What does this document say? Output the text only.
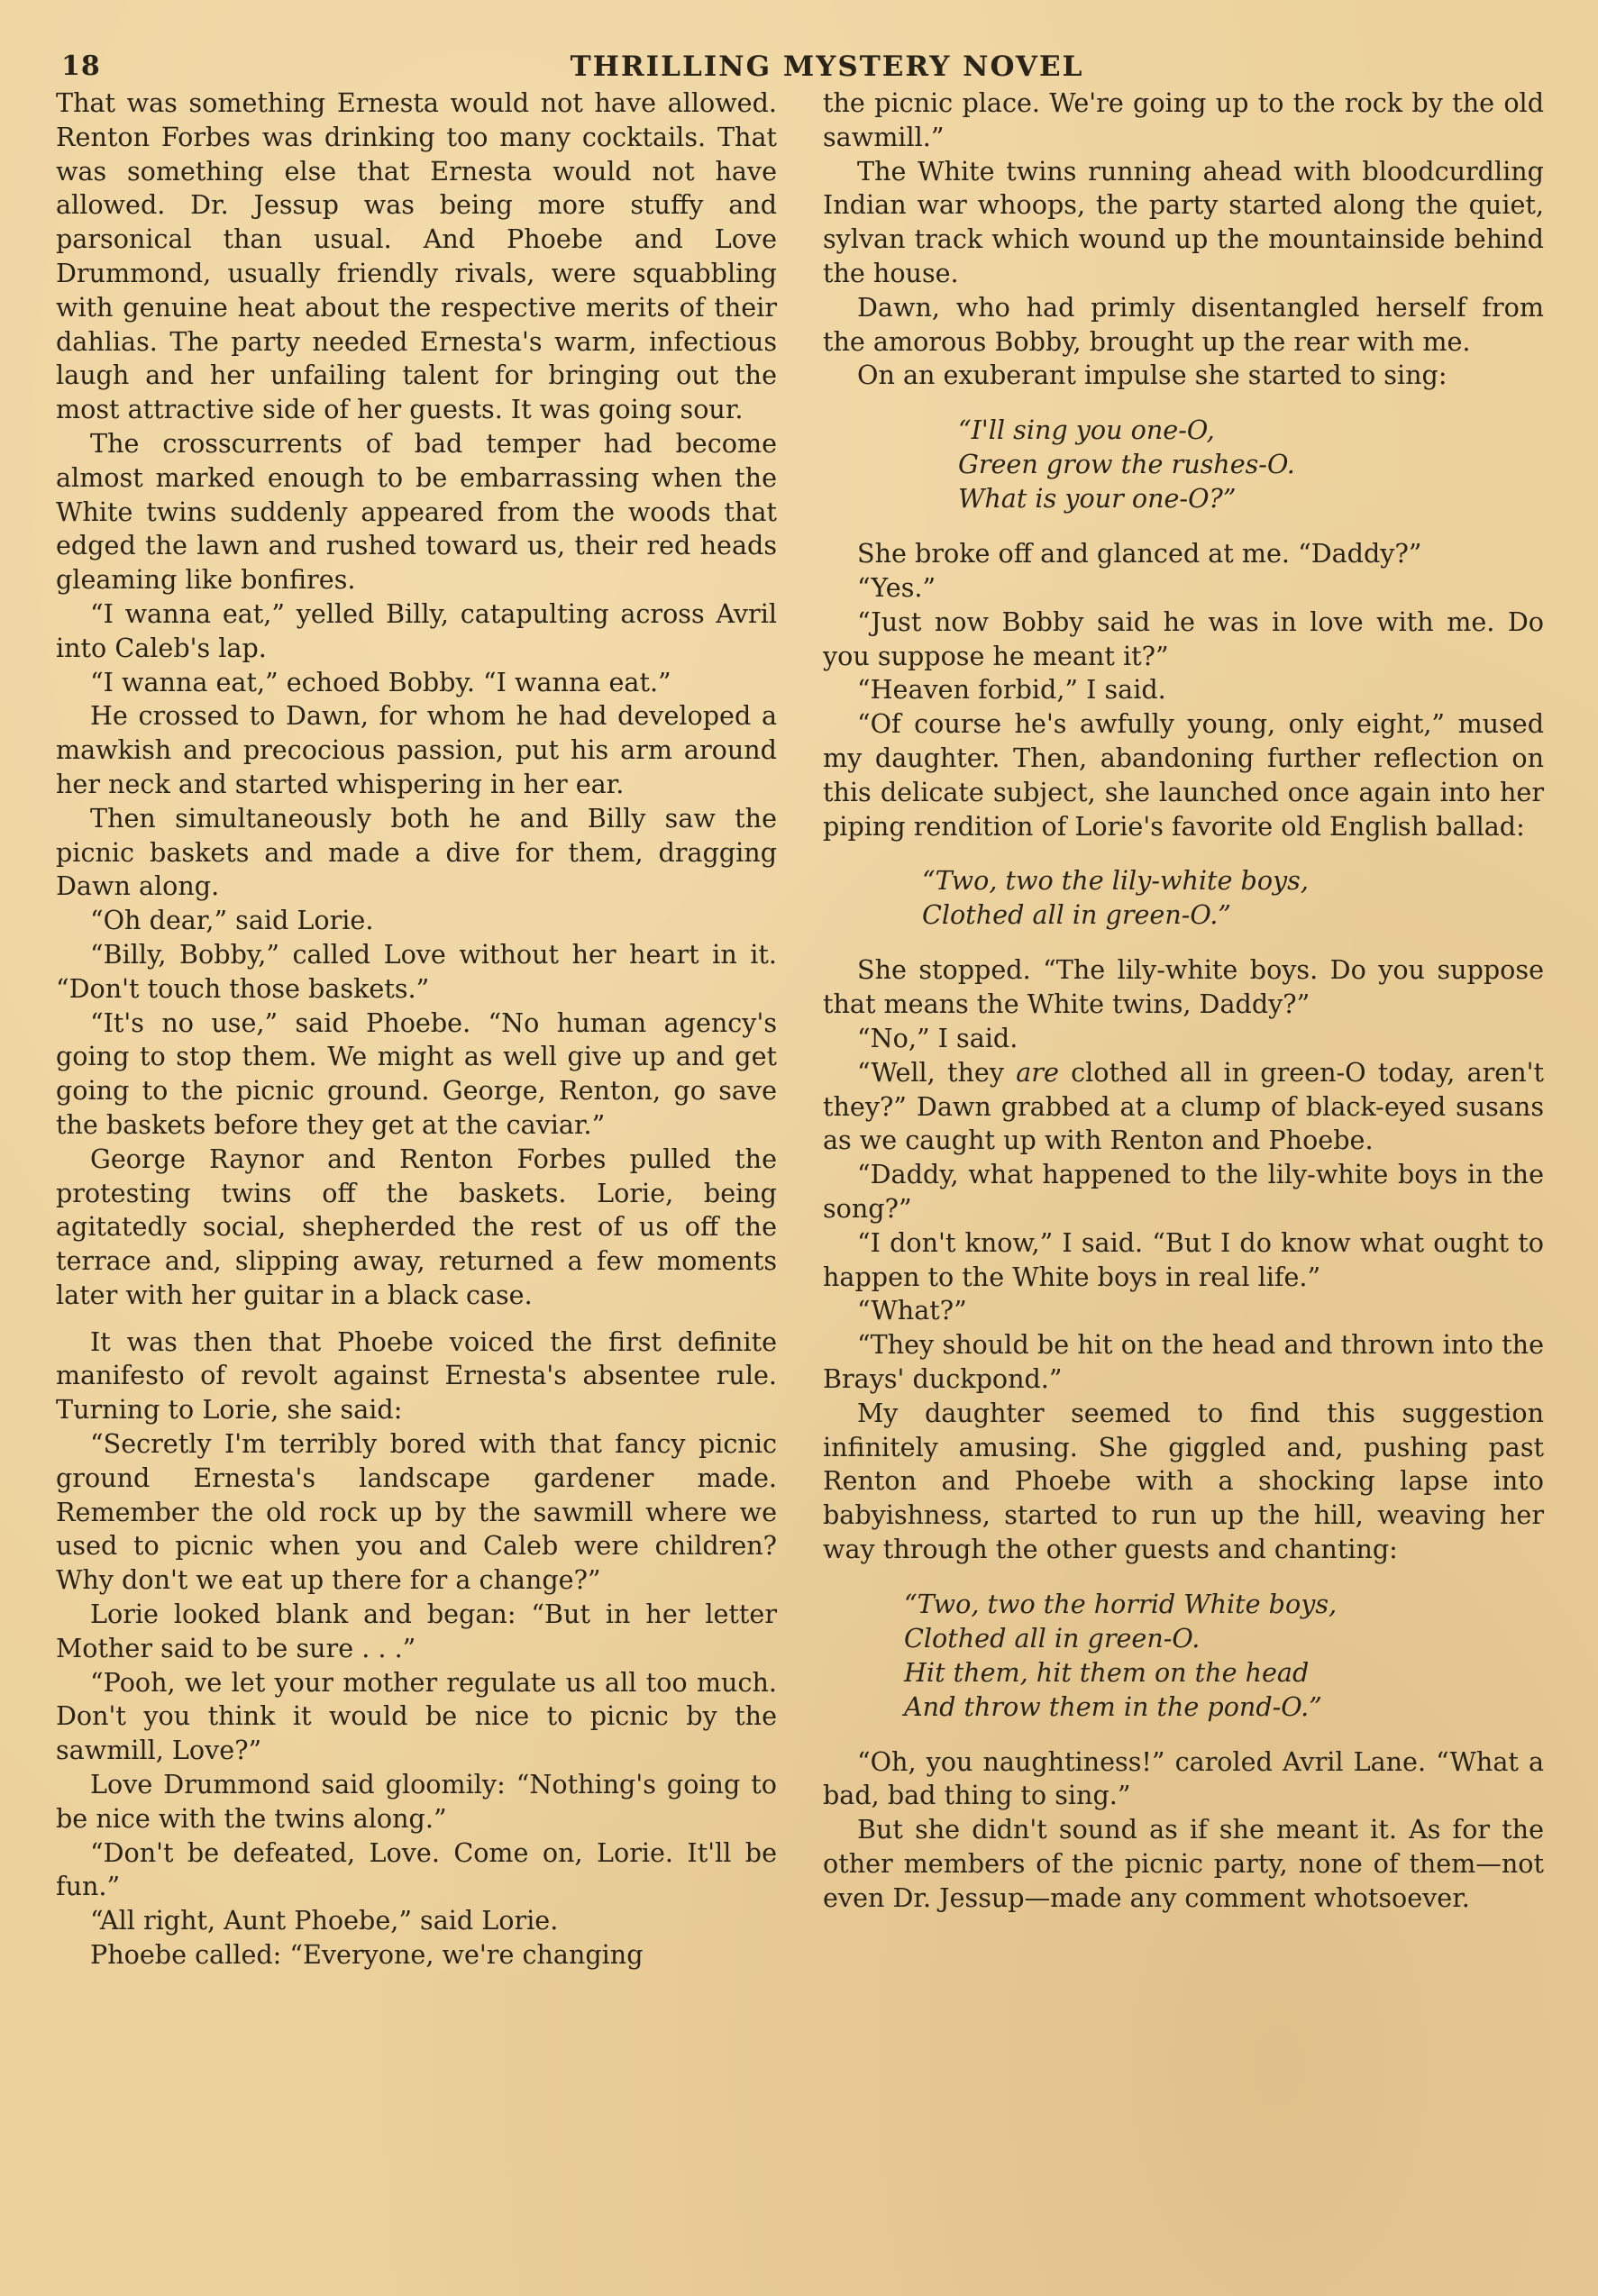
18	THRILLING MYSTERY NOVEL

That was something Ernesta would not have allowed. Renton Forbes was drinking too many cocktails. That was something else that Ernesta would not have allowed. Dr. Jessup was being more stuffy and parsonical than usual. And Phoebe and Love Drummond, usually friendly rivals, were squabbling with genuine heat about the respective merits of their dahlias. The party needed Ernesta's warm, infectious laugh and her unfailing talent for bringing out the most attractive side of her guests. It was going sour.

The crosscurrents of bad temper had become almost marked enough to be embarrassing when the White twins suddenly appeared from the woods that edged the lawn and rushed toward us, their red heads gleaming like bonfires.

“I wanna eat,” yelled Billy, catapulting across Avril into Caleb's lap.

“I wanna eat,” echoed Bobby. “I wanna eat.”

He crossed to Dawn, for whom he had developed a mawkish and precocious passion, put his arm around her neck and started whispering in her ear.

Then simultaneously both he and Billy saw the picnic baskets and made a dive for them, dragging Dawn along.

“Oh dear,” said Lorie.

“Billy, Bobby,” called Love without her heart in it. “Don't touch those baskets.”

“It's no use,” said Phoebe. “No human agency's going to stop them. We might as well give up and get going to the picnic ground. George, Renton, go save the baskets before they get at the caviar.”

George Raynor and Renton Forbes pulled the protesting twins off the baskets. Lorie, being agitatedly social, shepherded the rest of us off the terrace and, slipping away, returned a few moments later with her guitar in a black case.

It was then that Phoebe voiced the first definite manifesto of revolt against Ernesta's absentee rule. Turning to Lorie, she said:

“Secretly I'm terribly bored with that fancy picnic ground Ernesta's landscape gardener made. Remember the old rock up by the sawmill where we used to picnic when you and Caleb were children? Why don't we eat up there for a change?”

Lorie looked blank and began: “But in her letter Mother said to be sure . . .”

“Pooh, we let your mother regulate us all too much. Don't you think it would be nice to picnic by the sawmill, Love?”

Love Drummond said gloomily: “Nothing's going to be nice with the twins along.”

“Don't be defeated, Love. Come on, Lorie. It'll be fun.”

“All right, Aunt Phoebe,” said Lorie.

Phoebe called: “Everyone, we're changing

the picnic place. We're going up to the rock by the old sawmill.”

The White twins running ahead with bloodcurdling Indian war whoops, the party started along the quiet, sylvan track which wound up the mountainside behind the house.

Dawn, who had primly disentangled herself from the amorous Bobby, brought up the rear with me.

On an exuberant impulse she started to sing:

“I'll sing you one-O,
Green grow the rushes-O.
What is your one-O?”

She broke off and glanced at me. “Daddy?”

“Yes.”

“Just now Bobby said he was in love with me. Do you suppose he meant it?”

“Heaven forbid,” I said.

“Of course he's awfully young, only eight,” mused my daughter. Then, abandoning further reflection on this delicate subject, she launched once again into her piping rendition of Lorie's favorite old English ballad:

“Two, two the lily-white boys,
Clothed all in green-O.”

She stopped. “The lily-white boys. Do you suppose that means the White twins, Daddy?”

“No,” I said.

“Well, they are clothed all in green-O today, aren't they?” Dawn grabbed at a clump of black-eyed susans as we caught up with Renton and Phoebe.

“Daddy, what happened to the lily-white boys in the song?”

“I don't know,” I said. “But I do know what ought to happen to the White boys in real life.”

“What?”

“They should be hit on the head and thrown into the Brays' duckpond.”

My daughter seemed to find this suggestion infinitely amusing. She giggled and, pushing past Renton and Phoebe with a shocking lapse into babyishness, started to run up the hill, weaving her way through the other guests and chanting:

“Two, two the horrid White boys,
Clothed all in green-O.
Hit them, hit them on the head
And throw them in the pond-O.”

“Oh, you naughtiness!” caroled Avril Lane. “What a bad, bad thing to sing.”

But she didn't sound as if she meant it. As for the other members of the picnic party, none of them—not even Dr. Jessup—made any comment whotsoever.
